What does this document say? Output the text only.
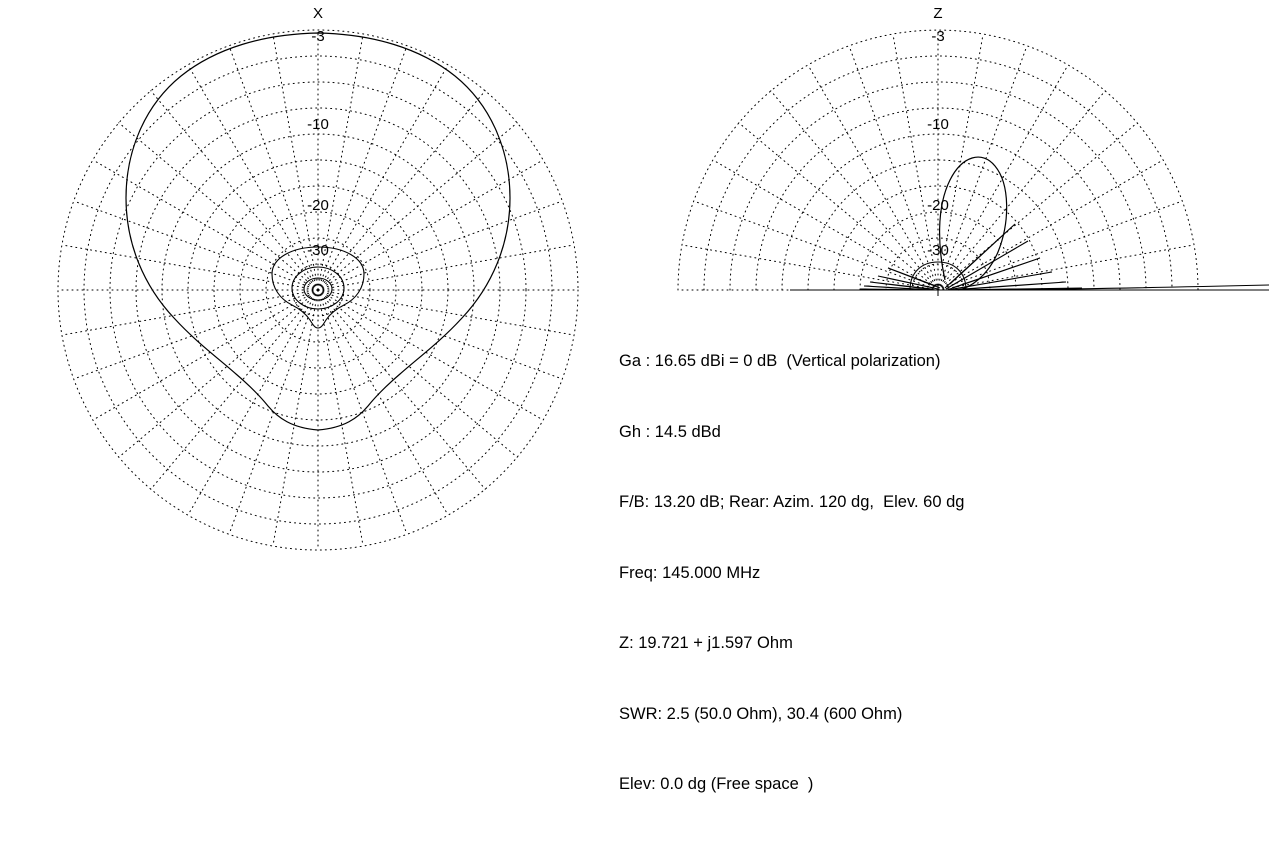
X
-3
-10
-20
-30
Z
-3
-10
-20
-30

Ga : 16.65 dBi = 0 dB  (Vertical polarization)

Gh : 14.5 dBd

F/B: 13.20 dB; Rear: Azim. 120 dg,  Elev. 60 dg

Freq: 145.000 MHz

Z: 19.721 + j1.597 Ohm

SWR: 2.5 (50.0 Ohm), 30.4 (600 Ohm)

Elev: 0.0 dg (Free space  )
